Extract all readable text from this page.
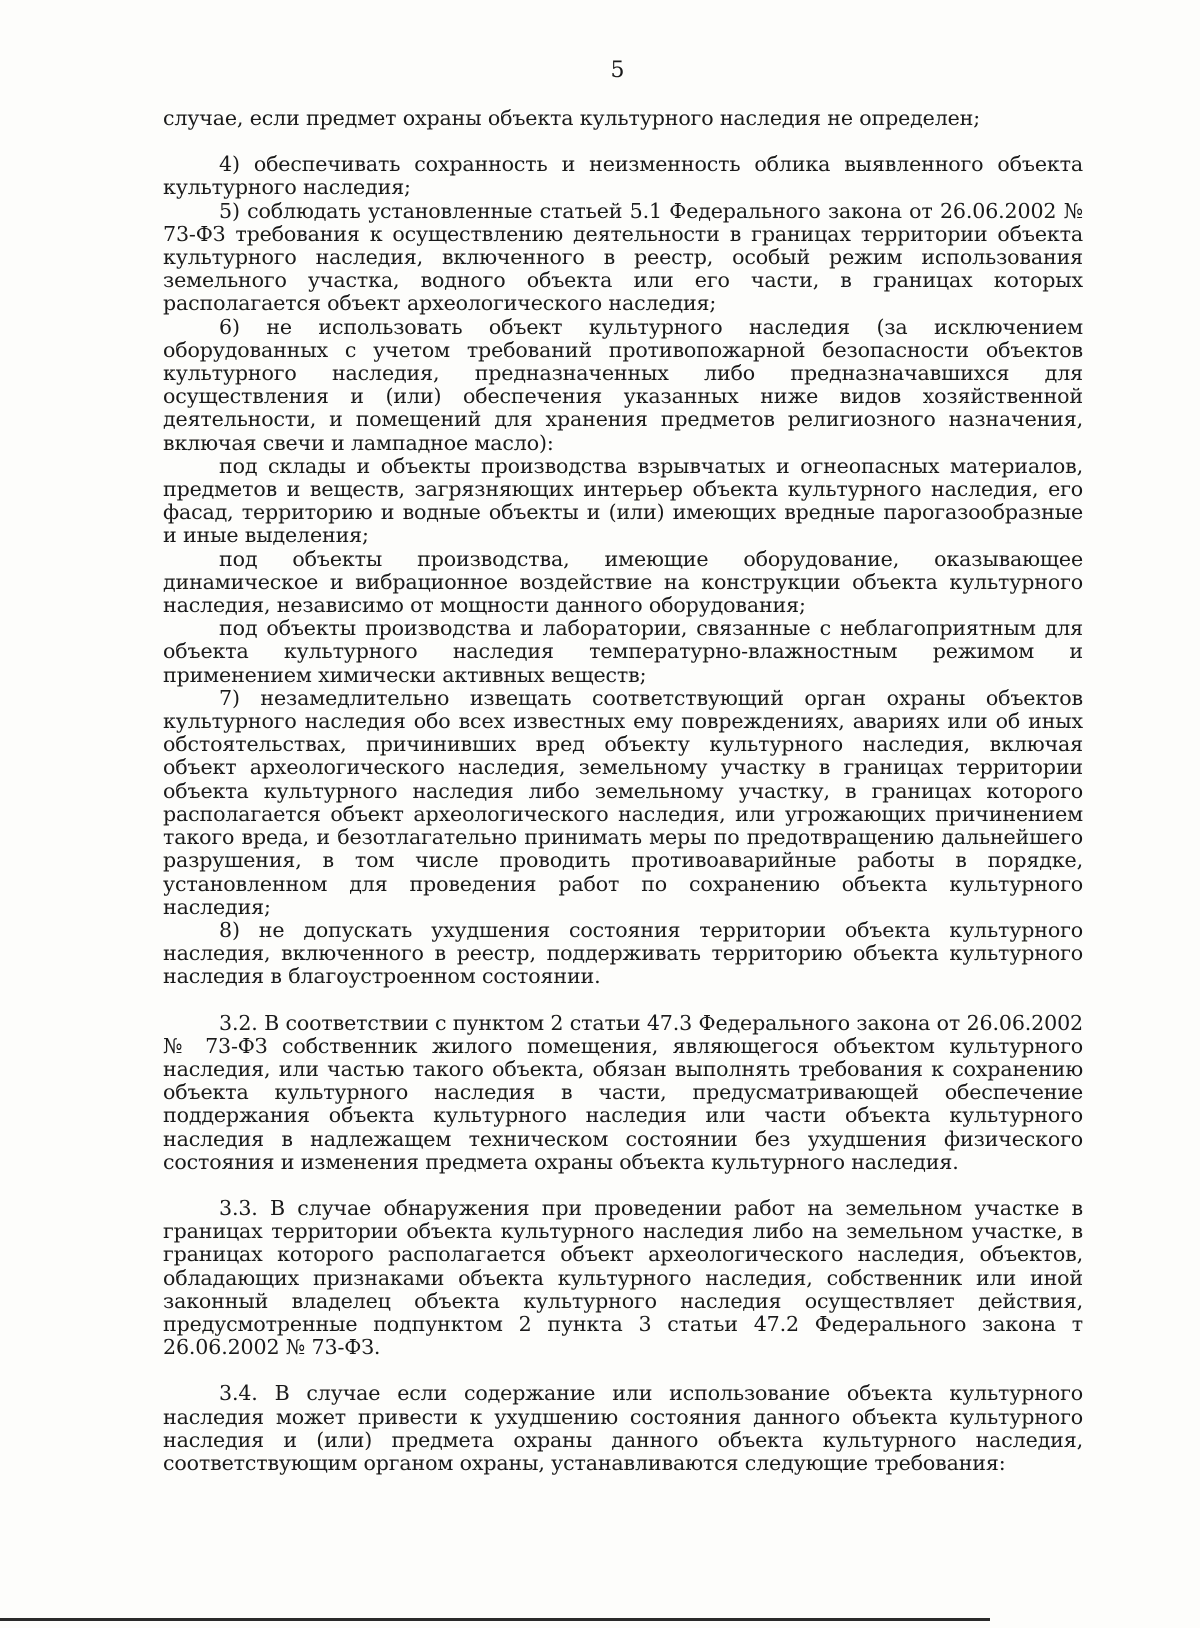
5

случае, если предмет охраны объекта культурного наследия не определен;

4) обеспечивать сохранность и неизменность облика выявленного объекта культурного наследия;

5) соблюдать установленные статьей 5.1 Федерального закона от 26.06.2002 № 73-ФЗ требования к осуществлению деятельности в границах территории объекта культурного наследия, включенного в реестр, особый режим использования земельного участка, водного объекта или его части, в границах которых располагается объект археологического наследия;

6) не использовать объект культурного наследия (за исключением оборудованных с учетом требований противопожарной безопасности объектов культурного наследия, предназначенных либо предназначавшихся для осуществления и (или) обеспечения указанных ниже видов хозяйственной деятельности, и помещений для хранения предметов религиозного назначения, включая свечи и лампадное масло):

под склады и объекты производства взрывчатых и огнеопасных материалов, предметов и веществ, загрязняющих интерьер объекта культурного наследия, его фасад, территорию и водные объекты и (или) имеющих вредные парогазообразные и иные выделения;

под объекты производства, имеющие оборудование, оказывающее динамическое и вибрационное воздействие на конструкции объекта культурного наследия, независимо от мощности данного оборудования;

под объекты производства и лаборатории, связанные с неблагоприятным для объекта культурного наследия температурно-влажностным режимом и применением химически активных веществ;

7) незамедлительно извещать соответствующий орган охраны объектов культурного наследия обо всех известных ему повреждениях, авариях или об иных обстоятельствах, причинивших вред объекту культурного наследия, включая объект археологического наследия, земельному участку в границах территории объекта культурного наследия либо земельному участку, в границах которого располагается объект археологического наследия, или угрожающих причинением такого вреда, и безотлагательно принимать меры по предотвращению дальнейшего разрушения, в том числе проводить противоаварийные работы в порядке, установленном для проведения работ по сохранению объекта культурного наследия;

8) не допускать ухудшения состояния территории объекта культурного наследия, включенного в реестр, поддерживать территорию объекта культурного наследия в благоустроенном состоянии.

3.2. В соответствии с пунктом 2 статьи 47.3 Федерального закона от 26.06.2002 № 73-ФЗ собственник жилого помещения, являющегося объектом культурного наследия, или частью такого объекта, обязан выполнять требования к сохранению объекта культурного наследия в части, предусматривающей обеспечение поддержания объекта культурного наследия или части объекта культурного наследия в надлежащем техническом состоянии без ухудшения физического состояния и изменения предмета охраны объекта культурного наследия.

3.3. В случае обнаружения при проведении работ на земельном участке в границах территории объекта культурного наследия либо на земельном участке, в границах которого располагается объект археологического наследия, объектов, обладающих признаками объекта культурного наследия, собственник или иной законный владелец объекта культурного наследия осуществляет действия, предусмотренные подпунктом 2 пункта 3 статьи 47.2 Федерального закона т 26.06.2002 № 73-ФЗ.

3.4. В случае если содержание или использование объекта культурного наследия может привести к ухудшению состояния данного объекта культурного наследия и (или) предмета охраны данного объекта культурного наследия, соответствующим органом охраны, устанавливаются следующие требования:
